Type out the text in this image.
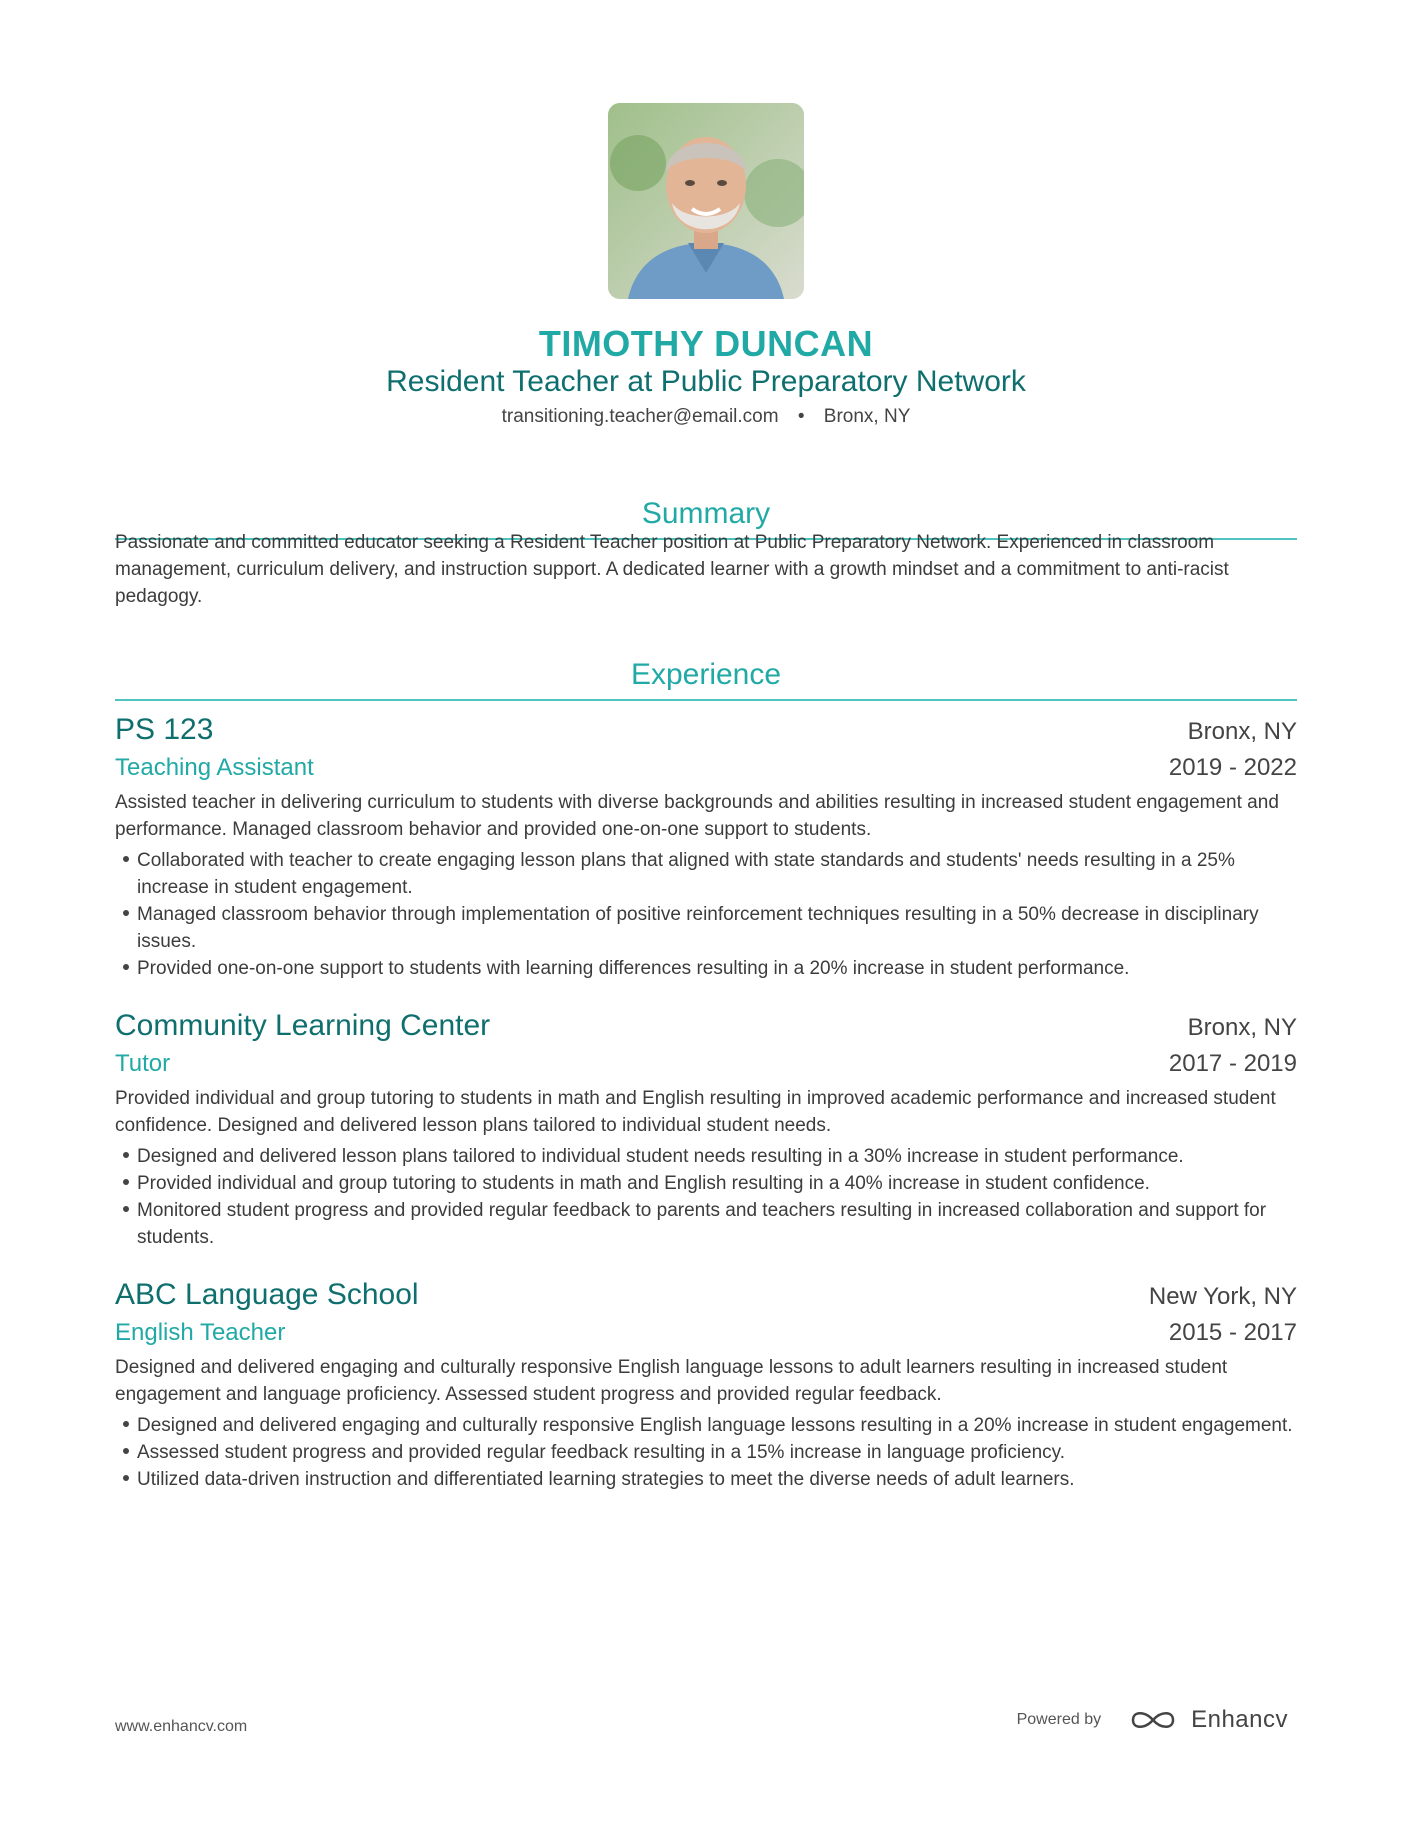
TIMOTHY DUNCAN
Resident Teacher at Public Preparatory Network
transitioning.teacher@email.com • Bronx, NY
Summary
Passionate and committed educator seeking a Resident Teacher position at Public Preparatory Network. Experienced in classroom management, curriculum delivery, and instruction support. A dedicated learner with a growth mindset and a commitment to anti-racist pedagogy.
Experience
PS 123	Bronx, NY
Teaching Assistant	2019 - 2022
Assisted teacher in delivering curriculum to students with diverse backgrounds and abilities resulting in increased student engagement and performance. Managed classroom behavior and provided one-on-one support to students.
Collaborated with teacher to create engaging lesson plans that aligned with state standards and students' needs resulting in a 25% increase in student engagement.
Managed classroom behavior through implementation of positive reinforcement techniques resulting in a 50% decrease in disciplinary issues.
Provided one-on-one support to students with learning differences resulting in a 20% increase in student performance.
Community Learning Center	Bronx, NY
Tutor	2017 - 2019
Provided individual and group tutoring to students in math and English resulting in improved academic performance and increased student confidence. Designed and delivered lesson plans tailored to individual student needs.
Designed and delivered lesson plans tailored to individual student needs resulting in a 30% increase in student performance.
Provided individual and group tutoring to students in math and English resulting in a 40% increase in student confidence.
Monitored student progress and provided regular feedback to parents and teachers resulting in increased collaboration and support for students.
ABC Language School	New York, NY
English Teacher	2015 - 2017
Designed and delivered engaging and culturally responsive English language lessons to adult learners resulting in increased student engagement and language proficiency. Assessed student progress and provided regular feedback.
Designed and delivered engaging and culturally responsive English language lessons resulting in a 20% increase in student engagement.
Assessed student progress and provided regular feedback resulting in a 15% increase in language proficiency.
Utilized data-driven instruction and differentiated learning strategies to meet the diverse needs of adult learners.
www.enhancv.com	Powered by	Enhancv
